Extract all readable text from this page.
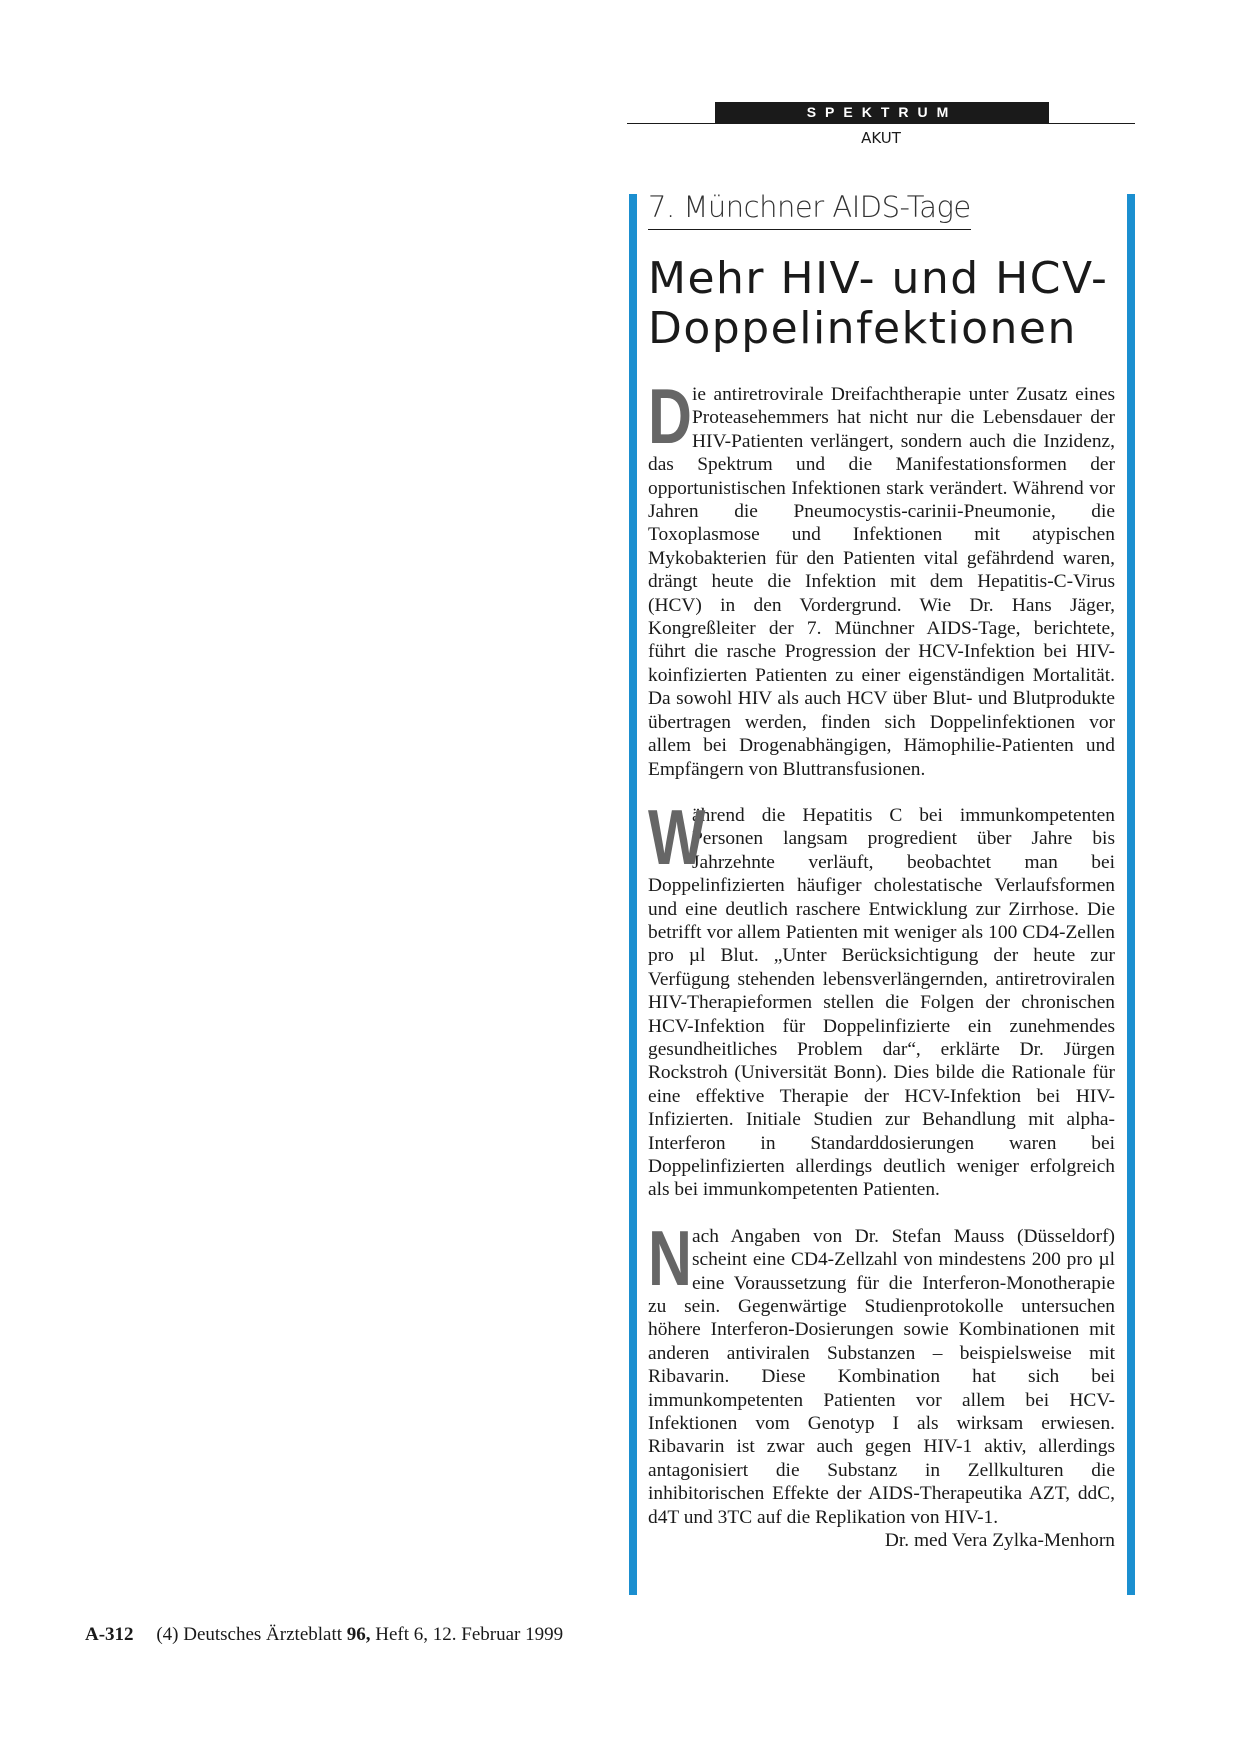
SPEKTRUM
AKUT
7. Münchner AIDS-Tage
Mehr HIV- und HCV-Doppelinfektionen

Die antiretrovirale Dreifachtherapie unter Zusatz eines Proteasehemmers hat nicht nur die Lebensdauer der HIV-Patienten verlängert, sondern auch die Inzidenz, das Spektrum und die Manifestationsformen der opportunistischen Infektionen stark verändert. Während vor Jahren die Pneumocystis-carinii-Pneumonie, die Toxoplasmose und Infektionen mit atypischen Mykobakterien für den Patienten vital gefährdend waren, drängt heute die Infektion mit dem Hepatitis-C-Virus (HCV) in den Vordergrund. Wie Dr. Hans Jäger, Kongreßleiter der 7. Münchner AIDS-Tage, berichtete, führt die rasche Progression der HCV-Infektion bei HIV-koinfizierten Patienten zu einer eigenständigen Mortalität. Da sowohl HIV als auch HCV über Blut- und Blutprodukte übertragen werden, finden sich Doppelinfektionen vor allem bei Drogenabhängigen, Hämophilie-Patienten und Empfängern von Bluttransfusionen.

W
ährend die Hepatitis C bei immunkompetenten Personen langsam progredient über Jahre bis Jahrzehnte verläuft, beobachtet man bei Doppelinfizierten häufiger cholestatische Verlaufsformen und eine deutlich raschere Entwicklung zur Zirrhose. Die betrifft vor allem Patienten mit weniger als 100 CD4-Zellen pro µl Blut. „Unter Berücksichtigung der heute zur Verfügung stehenden lebensverlängernden, antiretroviralen HIV-Therapieformen stellen die Folgen der chronischen HCV-Infektion für Doppelinfizierte ein zunehmendes gesundheitliches Problem dar“, erklärte Dr. Jürgen Rockstroh (Universität Bonn). Dies bilde die Rationale für eine effektive Therapie der HCV-Infektion bei HIV-Infizierten. Initiale Studien zur Behandlung mit alpha-Interferon in Standarddosierungen waren bei Doppelinfizierten allerdings deutlich weniger erfolgreich als bei immunkompetenten Patienten.

Nach Angaben von Dr. Stefan Mauss (Düsseldorf) scheint eine CD4-Zellzahl von mindestens 200 pro µl eine Voraussetzung für die Interferon-Monotherapie zu sein. Gegenwärtige Studienprotokolle untersuchen höhere Interferon-Dosierungen sowie Kombinationen mit anderen antiviralen Substanzen – beispielsweise mit Ribavarin. Diese Kombination hat sich bei immunkompetenten Patienten vor allem bei HCV-Infektionen vom Genotyp I als wirksam erwiesen. Ribavarin ist zwar auch gegen HIV-1 aktiv, allerdings antagonisiert die Substanz in Zellkulturen die inhibitorischen Effekte der AIDS-Therapeutika AZT, ddC, d4T und 3TC auf die Replikation von HIV-1.
Dr. med Vera Zylka-Menhorn

A-312 (4) Deutsches Ärzteblatt 96, Heft 6, 12. Februar 1999
